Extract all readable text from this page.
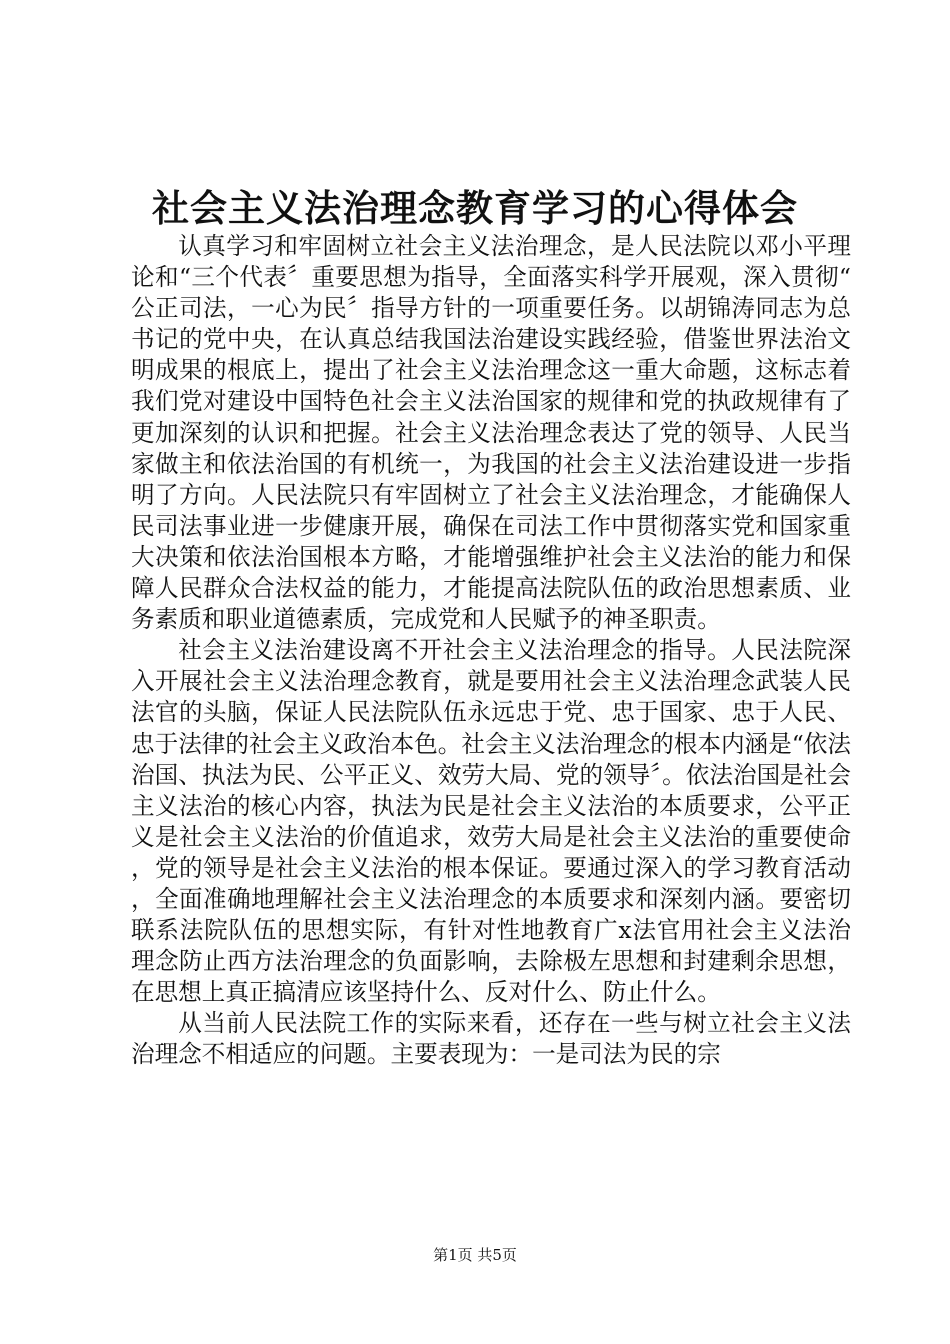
社会主义法治理念教育学习的心得体会

认真学习和牢固树立社会主义法治理念，是人民法院以邓小平理论和“三个代表〞重要思想为指导，全面落实科学开展观，深入贯彻“公正司法，一心为民〞指导方针的一项重要任务。以胡锦涛同志为总书记的党中央，在认真总结我国法治建设实践经验，借鉴世界法治文明成果的根底上，提出了社会主义法治理念这一重大命题，这标志着我们党对建设中国特色社会主义法治国家的规律和党的执政规律有了更加深刻的认识和把握。社会主义法治理念表达了党的领导、人民当家做主和依法治国的有机统一，为我国的社会主义法治建设进一步指明了方向。人民法院只有牢固树立了社会主义法治理念，才能确保人民司法事业进一步健康开展，确保在司法工作中贯彻落实党和国家重大决策和依法治国根本方略，才能增强维护社会主义法治的能力和保障人民群众合法权益的能力，才能提高法院队伍的政治思想素质、业务素质和职业道德素质，完成党和人民赋予的神圣职责。

社会主义法治建设离不开社会主义法治理念的指导。人民法院深入开展社会主义法治理念教育，就是要用社会主义法治理念武装人民法官的头脑，保证人民法院队伍永远忠于党、忠于国家、忠于人民、忠于法律的社会主义政治本色。社会主义法治理念的根本内涵是“依法治国、执法为民、公平正义、效劳大局、党的领导〞。依法治国是社会主义法治的核心内容，执法为民是社会主义法治的本质要求，公平正义是社会主义法治的价值追求，效劳大局是社会主义法治的重要使命，党的领导是社会主义法治的根本保证。要通过深入的学习教育活动，全面准确地理解社会主义法治理念的本质要求和深刻内涵。要密切联系法院队伍的思想实际，有针对性地教育广x法官用社会主义法治理念防止西方法治理念的负面影响，去除极左思想和封建剩余思想，在思想上真正搞清应该坚持什么、反对什么、防止什么。

从当前人民法院工作的实际来看，还存在一些与树立社会主义法治理念不相适应的问题。主要表现为：一是司法为民的宗

第1页 共5页
